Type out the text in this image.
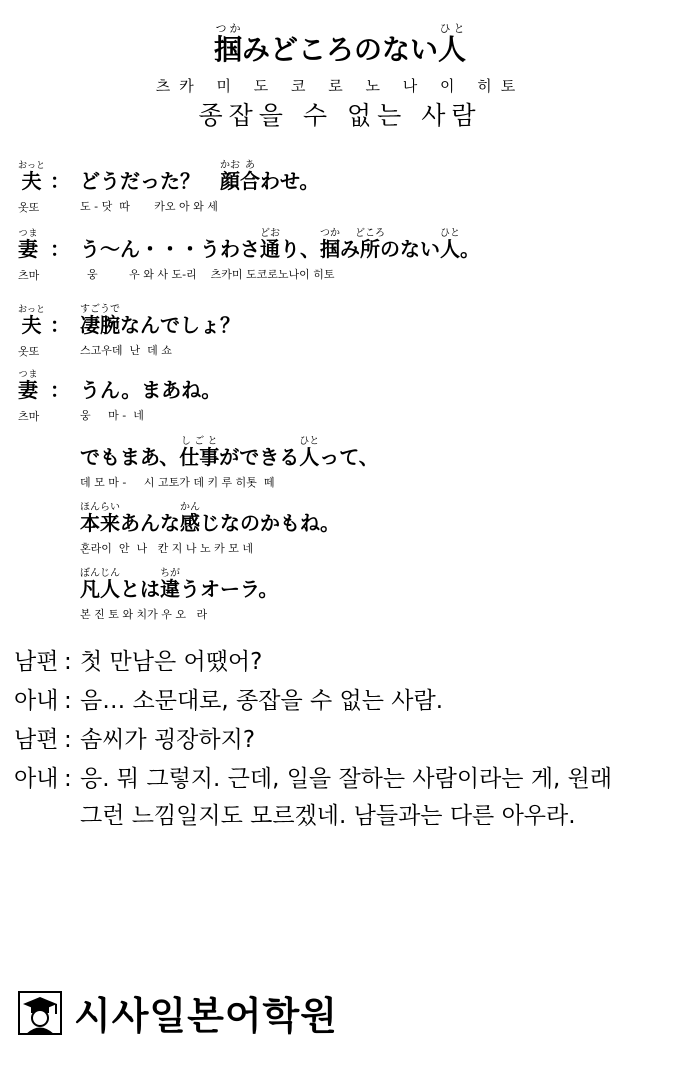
掴つかみどころのない人ひと
츠카 미 도 코 로 노 나 이 히토
종잡을 수 없는 사람
夫おっと
： どうだった？　顔かお合あわせ。
옷또	도 - 닷  따       카오 아 와 세
妻つま
： う～ん・・・うわさ通どおり、掴つかみ所どころのない人ひと。
츠마	웅         우 와 사 도-리    츠카미 도코로노나이 히토
夫おっと
： 凄腕すごうでなんでしょ？
옷또	스고우데  난  데 쇼
妻つま
： うん。まあね。
츠마	웅     마 -  네
でもまあ、仕事しごとができる人ひとって、
데 모 마 -     시 고토가 데 키 루 히톳  떼
本来ほんらいあんな感かんじなのかもね。
혼라이  안  나   칸 지 나 노 카 모 네
凡人ぼんじんとは違ちがうオーラ。
본 진 토 와 치가 우 오   라
남편 : 첫 만남은 어땠어?
아내 : 음… 소문대로, 종잡을 수 없는 사람.
남편 : 솜씨가 굉장하지?
아내 : 응. 뭐 그렇지. 근데, 일을 잘하는 사람이라는 게, 원래
그런 느낌일지도 모르겠네. 남들과는 다른 아우라.
시사일본어학원
